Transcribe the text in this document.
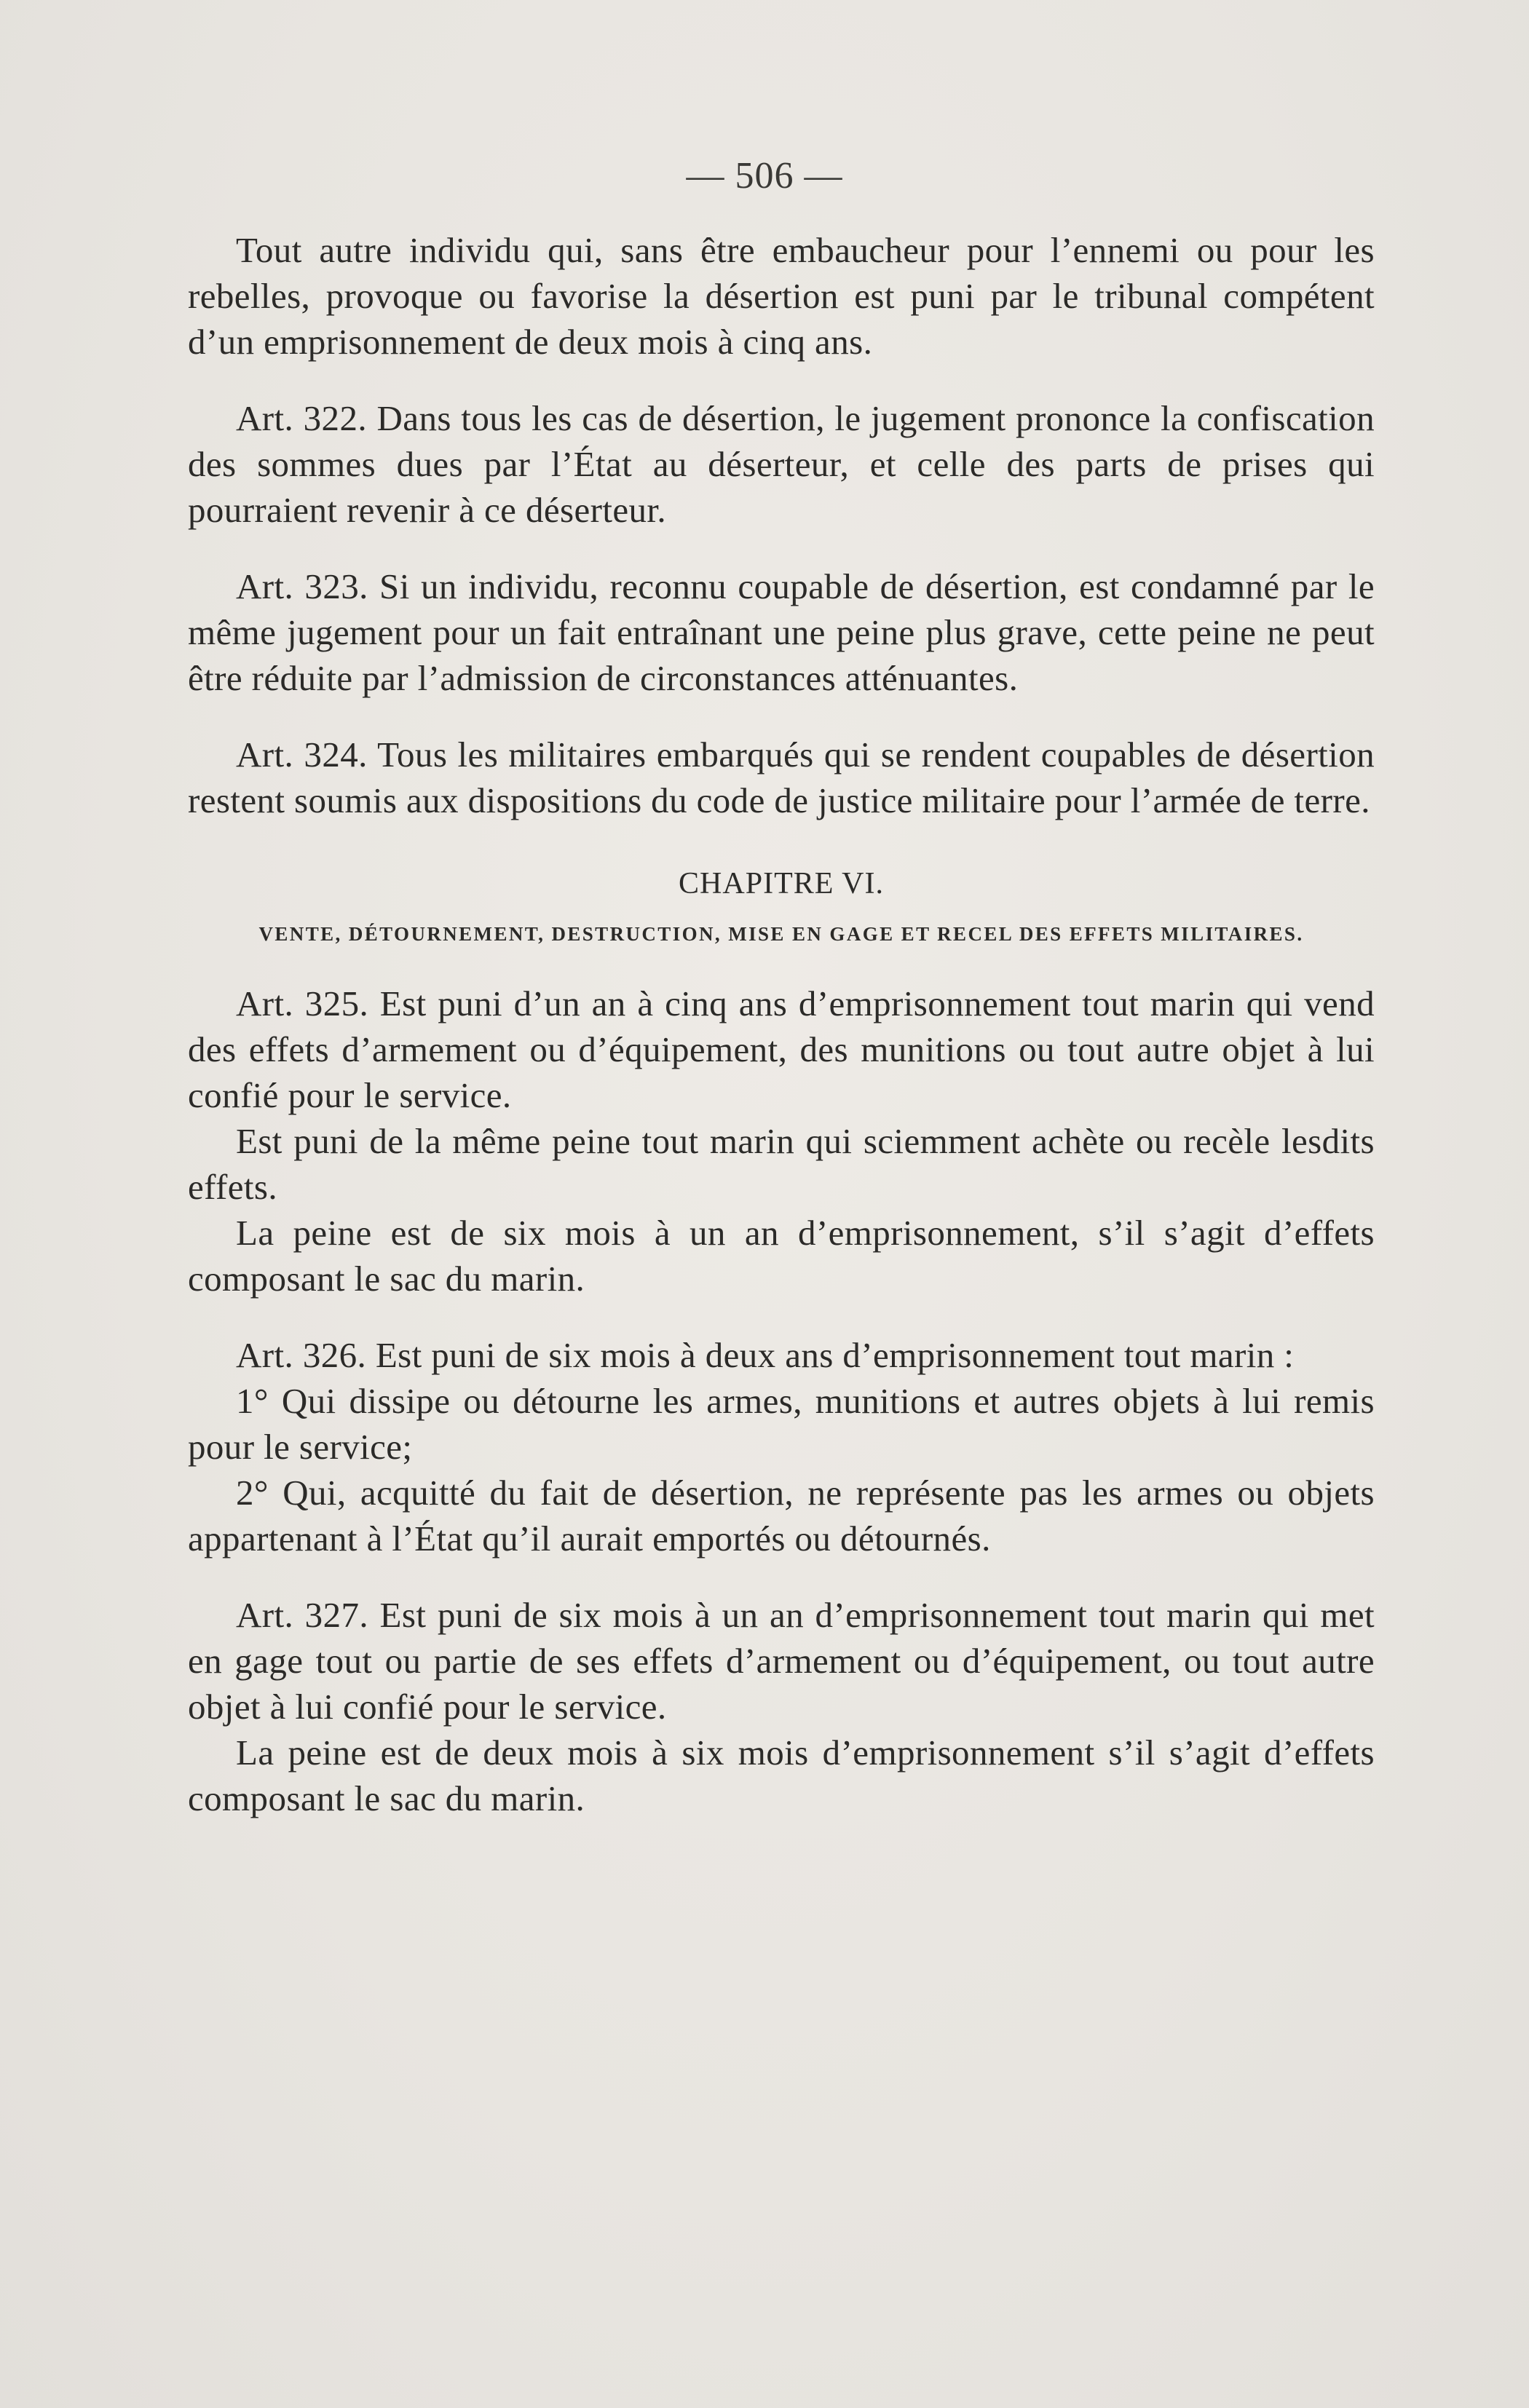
— 506 —

Tout autre individu qui, sans être embaucheur pour l’ennemi ou pour les rebelles, provoque ou favorise la désertion est puni par le tribunal compétent d’un emprisonnement de deux mois à cinq ans.

Art. 322. Dans tous les cas de désertion, le jugement prononce la confiscation des sommes dues par l’État au déserteur, et celle des parts de prises qui pourraient revenir à ce déserteur.

Art. 323. Si un individu, reconnu coupable de désertion, est condamné par le même jugement pour un fait entraînant une peine plus grave, cette peine ne peut être réduite par l’admission de circonstances atténuantes.

Art. 324. Tous les militaires embarqués qui se rendent coupables de désertion restent soumis aux dispositions du code de justice militaire pour l’armée de terre.

CHAPITRE VI.
VENTE, DÉTOURNEMENT, DESTRUCTION, MISE EN GAGE ET RECEL DES EFFETS MILITAIRES.

Art. 325. Est puni d’un an à cinq ans d’emprisonnement tout marin qui vend des effets d’armement ou d’équipement, des munitions ou tout autre objet à lui confié pour le service.

Est puni de la même peine tout marin qui sciemment achète ou recèle lesdits effets.

La peine est de six mois à un an d’emprisonnement, s’il s’agit d’effets composant le sac du marin.

Art. 326. Est puni de six mois à deux ans d’emprisonnement tout marin :

1° Qui dissipe ou détourne les armes, munitions et autres objets à lui remis pour le service;

2° Qui, acquitté du fait de désertion, ne représente pas les armes ou objets appartenant à l’État qu’il aurait emportés ou détournés.

Art. 327. Est puni de six mois à un an d’emprisonnement tout marin qui met en gage tout ou partie de ses effets d’armement ou d’équipement, ou tout autre objet à lui confié pour le service.

La peine est de deux mois à six mois d’emprisonnement s’il s’agit d’effets composant le sac du marin.
